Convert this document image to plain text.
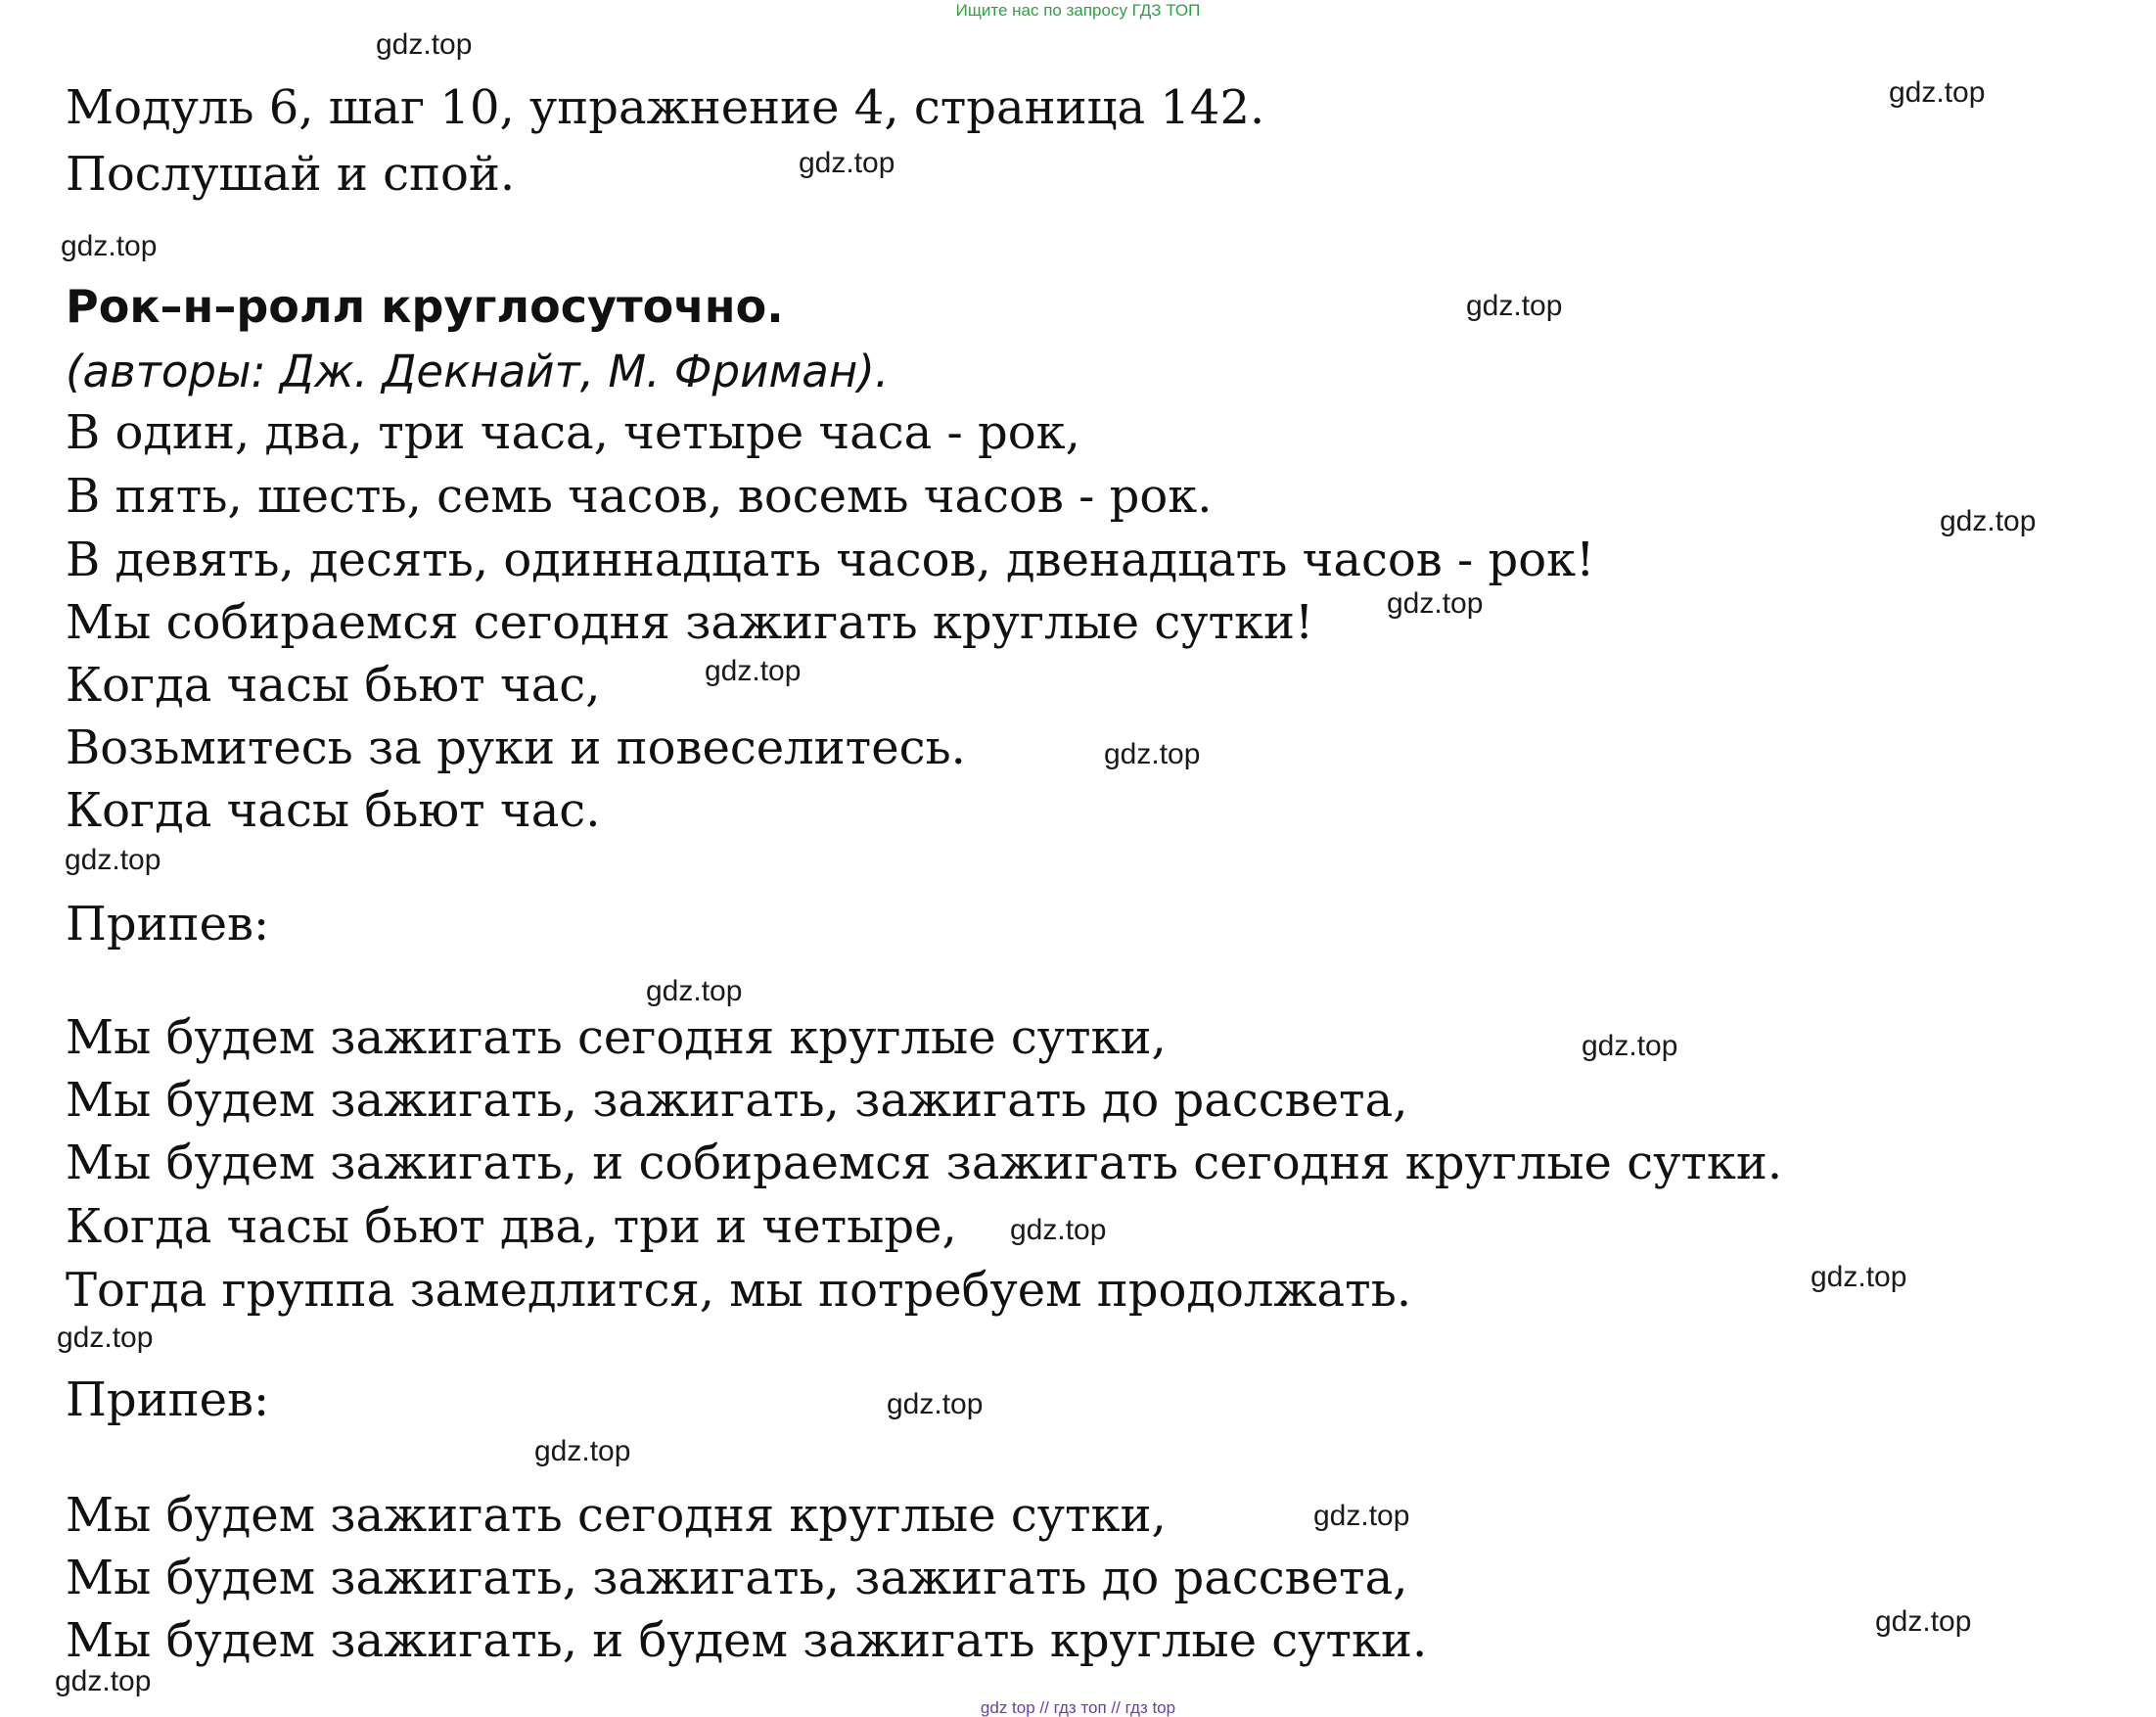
Ищите нас по запросу ГДЗ ТОП
Модуль 6, шаг 10, упражнение 4, страница 142.
Послушай и спой.
Рок–н–ролл круглосуточно.
(авторы: Дж. Декнайт, М. Фриман).
В один, два, три часа, четыре часа - рок,
В пять, шесть, семь часов, восемь часов - рок.
В девять, десять, одиннадцать часов, двенадцать часов - рок!
Мы собираемся сегодня зажигать круглые сутки!
Когда часы бьют час,
Возьмитесь за руки и повеселитесь.
Когда часы бьют час.
Припев:
Мы будем зажигать сегодня круглые сутки,
Мы будем зажигать, зажигать, зажигать до рассвета,
Мы будем зажигать, и собираемся зажигать сегодня круглые сутки.
Когда часы бьют два, три и четыре,
Тогда группа замедлится, мы потребуем продолжать.
Припев:
Мы будем зажигать сегодня круглые сутки,
Мы будем зажигать, зажигать, зажигать до рассвета,
Мы будем зажигать, и будем зажигать круглые сутки.
gdz.top
gdz.top
gdz.top
gdz.top
gdz.top
gdz.top
gdz.top
gdz.top
gdz.top
gdz.top
gdz.top
gdz.top
gdz.top
gdz.top
gdz.top
gdz.top
gdz.top
gdz.top
gdz.top
gdz.top
gdz top // гдз топ // гдз top
